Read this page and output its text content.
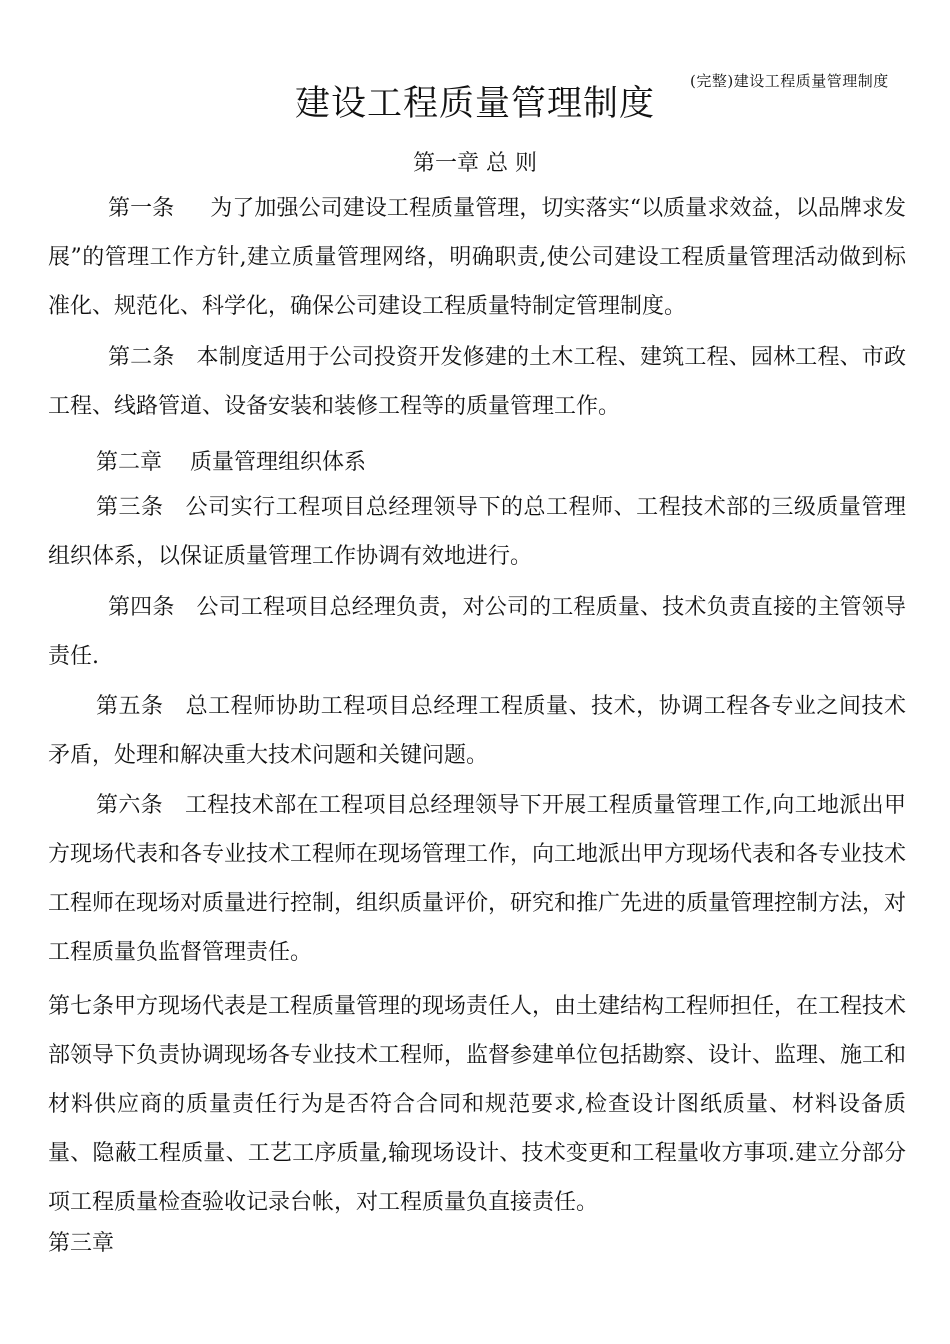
(完整)建设工程质量管理制度
建设工程质量管理制度
第一章 总 则

第一条 为了加强公司建设工程质量管理，切实落实“以质量求效益，以品牌求发展”的管理工作方针,建立质量管理网络，明确职责,使公司建设工程质量管理活动做到标准化、规范化、科学化，确保公司建设工程质量特制定管理制度。

第二条 本制度适用于公司投资开发修建的土木工程、建筑工程、园林工程、市政工程、线路管道、设备安装和装修工程等的质量管理工作。

第二章 质量管理组织体系

第三条 公司实行工程项目总经理领导下的总工程师、工程技术部的三级质量管理组织体系，以保证质量管理工作协调有效地进行。

第四条 公司工程项目总经理负责，对公司的工程质量、技术负责直接的主管领导责任.

第五条 总工程师协助工程项目总经理工程质量、技术，协调工程各专业之间技术矛盾，处理和解决重大技术问题和关键问题。

第六条 工程技术部在工程项目总经理领导下开展工程质量管理工作,向工地派出甲方现场代表和各专业技术工程师在现场管理工作，向工地派出甲方现场代表和各专业技术工程师在现场对质量进行控制，组织质量评价，研究和推广先进的质量管理控制方法，对工程质量负监督管理责任。

第七条甲方现场代表是工程质量管理的现场责任人，由土建结构工程师担任，在工程技术部领导下负责协调现场各专业技术工程师，监督参建单位包括勘察、设计、监理、施工和材料供应商的质量责任行为是否符合合同和规范要求,检查设计图纸质量、材料设备质量、隐蔽工程质量、工艺工序质量,输现场设计、技术变更和工程量收方事项.建立分部分项工程质量检查验收记录台帐，对工程质量负直接责任。

第三章
